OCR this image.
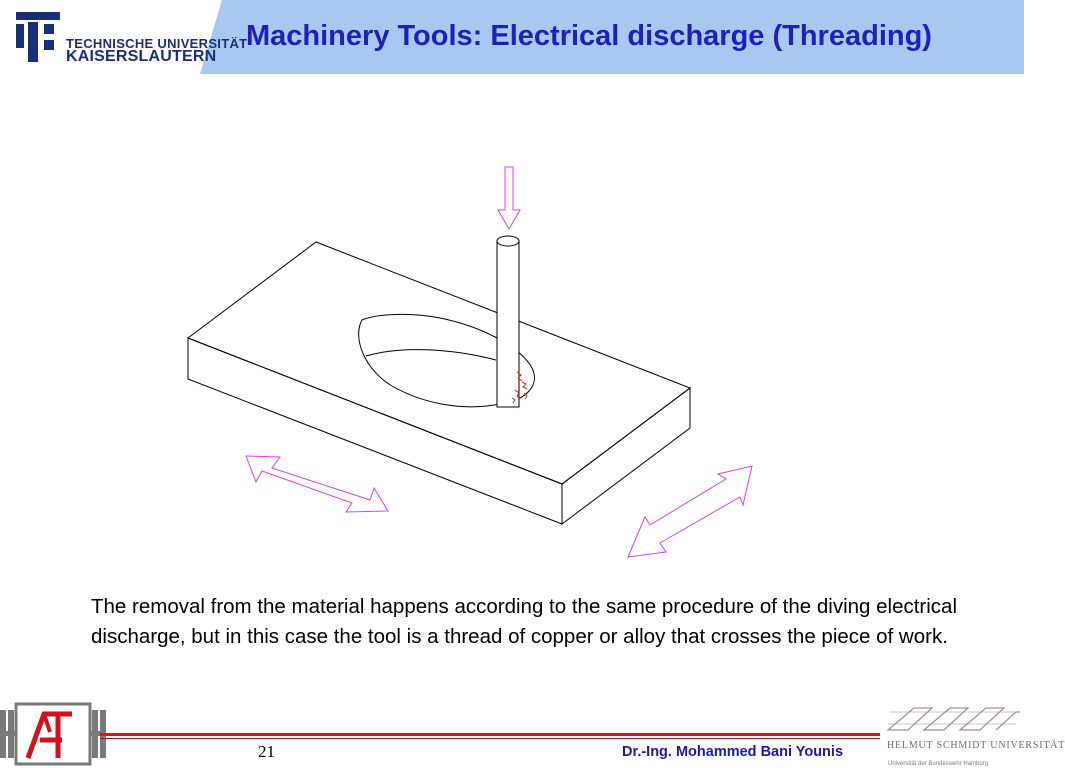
TECHNISCHE UNIVERSITÄT
KAISERSLAUTERN
Machinery Tools: Electrical discharge (Threading)
The removal from the material happens according to the same procedure of the diving electrical discharge, but in this case the tool is a thread of copper or alloy that crosses the piece of work.
21	Dr.-Ing. Mohammed Bani Younis	HELMUT SCHMIDT UNIVERSITÄT
Universität der Bundeswehr Hamburg
